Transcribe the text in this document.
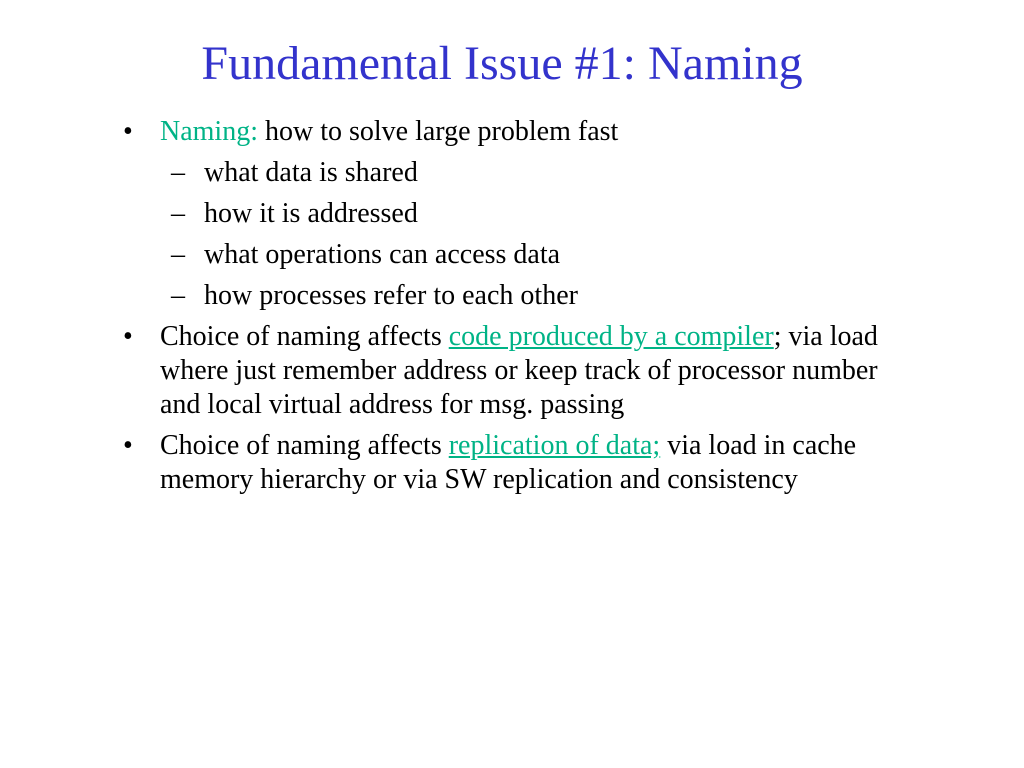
Fundamental Issue #1: Naming
• Naming: how to solve large problem fast
– what data is shared
– how it is addressed
– what operations can access data
– how processes refer to each other
• Choice of naming affects code produced by a compiler; via load where just remember address or keep track of processor number and local virtual address for msg. passing
• Choice of naming affects replication of data; via load in cache memory hierarchy or via SW replication and consistency
